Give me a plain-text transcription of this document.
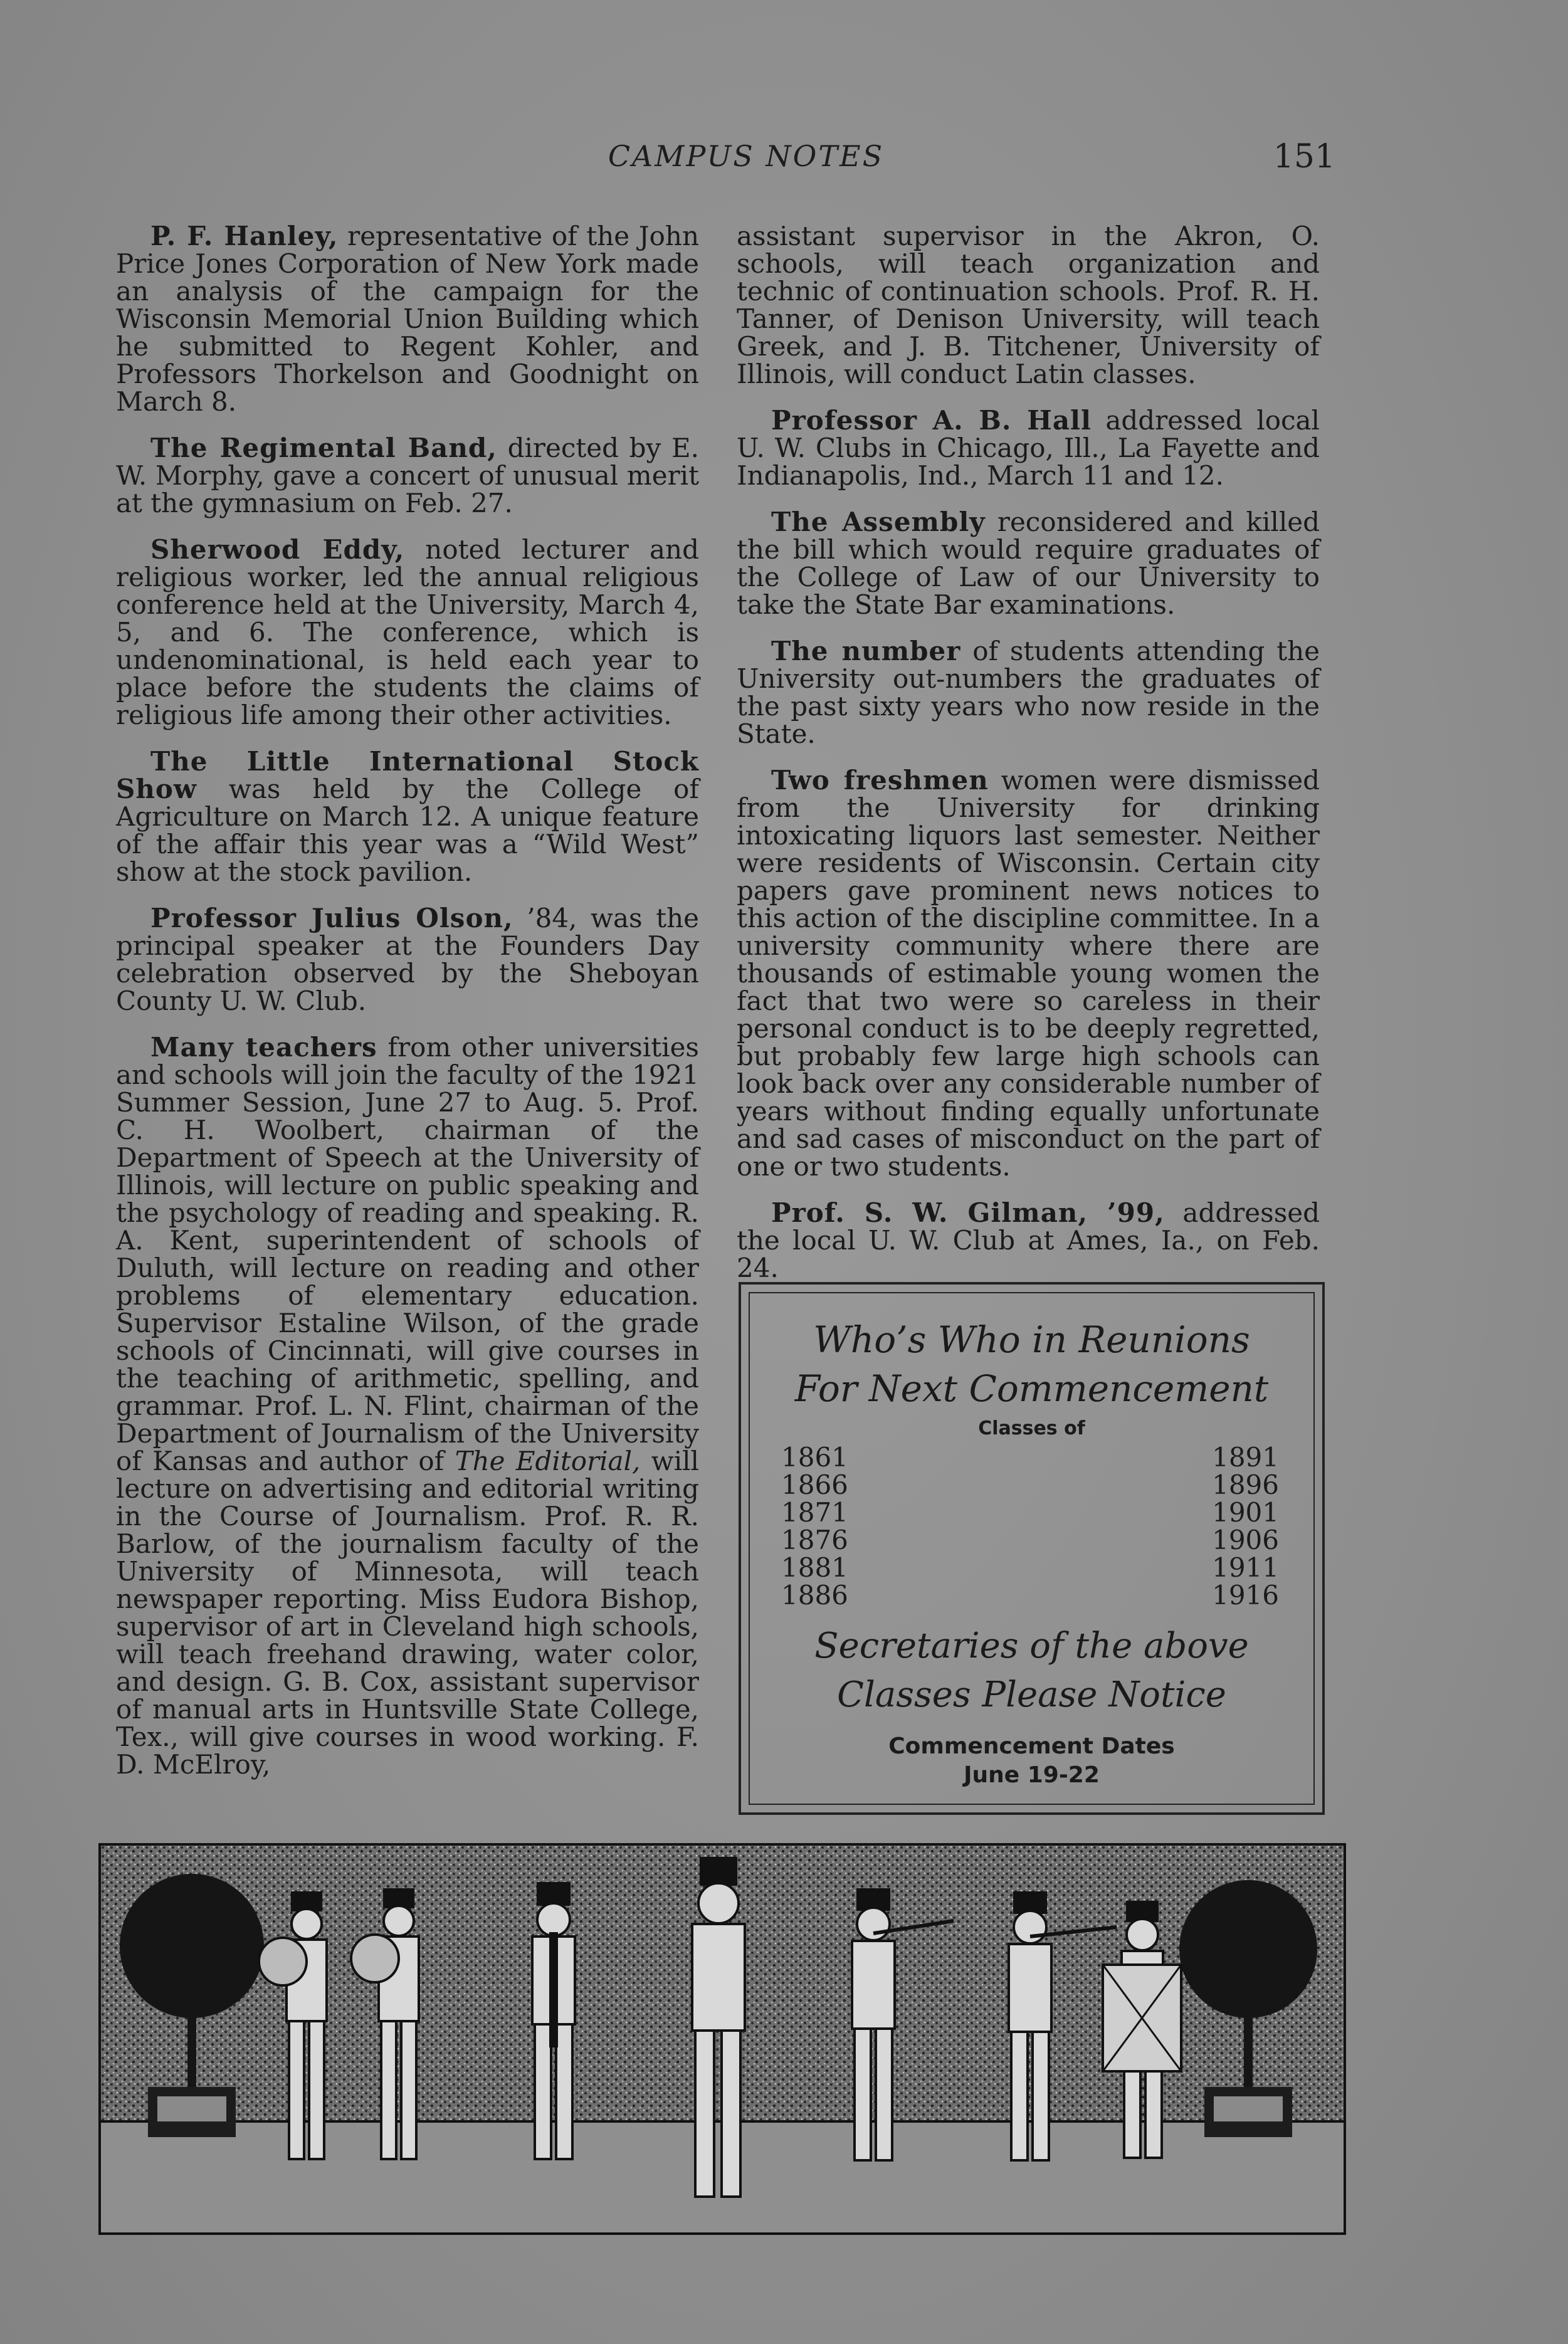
CAMPUS NOTES	151

P. F. Hanley, representative of the John Price Jones Corporation of New York made an analysis of the campaign for the Wisconsin Memorial Union Building which he submitted to Regent Kohler, and Professors Thorkelson and Goodnight on March 8.

The Regimental Band, directed by E. W. Morphy, gave a concert of unusual merit at the gymnasium on Feb. 27.

Sherwood Eddy, noted lecturer and religious worker, led the annual religious conference held at the University, March 4, 5, and 6. The conference, which is undenominational, is held each year to place before the students the claims of religious life among their other activities.

The Little International Stock Show was held by the College of Agriculture on March 12. A unique feature of the affair this year was a “Wild West” show at the stock pavilion.

Professor Julius Olson, ’84, was the principal speaker at the Founders Day celebration observed by the Sheboyan County U. W. Club.

Many teachers from other universities and schools will join the faculty of the 1921 Summer Session, June 27 to Aug. 5. Prof. C. H. Woolbert, chairman of the Department of Speech at the University of Illinois, will lecture on public speaking and the psychology of reading and speaking. R. A. Kent, superintendent of schools of Duluth, will lecture on reading and other problems of elementary education. Supervisor Estaline Wilson, of the grade schools of Cincinnati, will give courses in the teaching of arithmetic, spelling, and grammar. Prof. L. N. Flint, chairman of the Department of Journalism of the University of Kansas and author of The Editorial, will lecture on advertising and editorial writing in the Course of Journalism. Prof. R. R. Barlow, of the journalism faculty of the University of Minnesota, will teach newspaper reporting. Miss Eudora Bishop, supervisor of art in Cleveland high schools, will teach freehand drawing, water color, and design. G. B. Cox, assistant supervisor of manual arts in Huntsville State College, Tex., will give courses in wood working. F. D. McElroy,

assistant supervisor in the Akron, O. schools, will teach organization and technic of continuation schools. Prof. R. H. Tanner, of Denison University, will teach Greek, and J. B. Titchener, University of Illinois, will conduct Latin classes.

Professor A. B. Hall addressed local U. W. Clubs in Chicago, Ill., La Fayette and Indianapolis, Ind., March 11 and 12.

The Assembly reconsidered and killed the bill which would require graduates of the College of Law of our University to take the State Bar examinations.

The number of students attending the University out-numbers the graduates of the past sixty years who now reside in the State.

Two freshmen women were dismissed from the University for drinking intoxicating liquors last semester. Neither were residents of Wisconsin. Certain city papers gave prominent news notices to this action of the discipline committee. In a university community where there are thousands of estimable young women the fact that two were so careless in their personal conduct is to be deeply regretted, but probably few large high schools can look back over any considerable number of years without finding equally unfortunate and sad cases of misconduct on the part of one or two students.

Prof. S. W. Gilman, ’99, addressed the local U. W. Club at Ames, Ia., on Feb. 24.

Who’s Who in Reunions
For Next Commencement
Classes of
1861
1866
1871
1876
1881
1886
1891
1896
1901
1906
1911
1916
Secretaries of the above
Classes Please Notice
Commencement Dates
June 19-22
